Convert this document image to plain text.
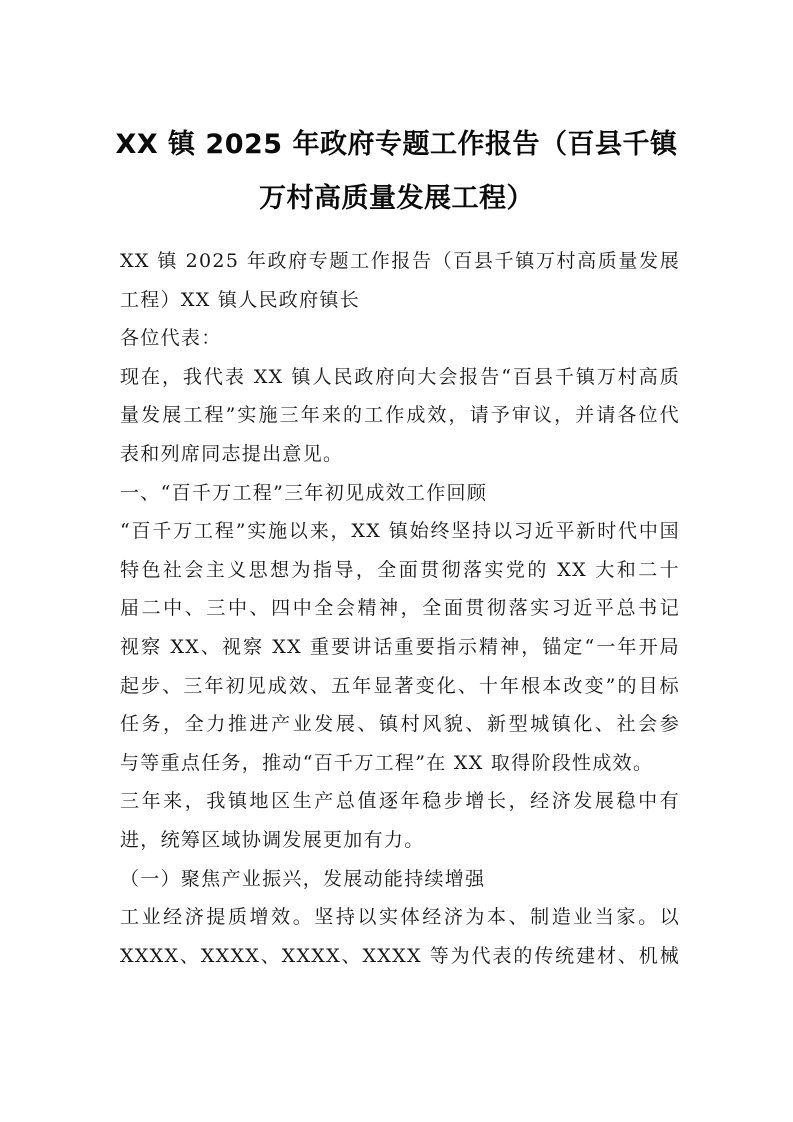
XX 镇 2025 年政府专题工作报告（百县千镇
万村高质量发展工程）

XX 镇 2025 年政府专题工作报告（百县千镇万村高质量发展
工程）XX 镇人民政府镇长

各位代表：

现在，我代表 XX 镇人民政府向大会报告“百县千镇万村高质
量发展工程”实施三年来的工作成效，请予审议，并请各位代
表和列席同志提出意见。

一、“百千万工程”三年初见成效工作回顾

“百千万工程”实施以来，XX 镇始终坚持以习近平新时代中国
特色社会主义思想为指导，全面贯彻落实党的 XX 大和二十
届二中、三中、四中全会精神，全面贯彻落实习近平总书记
视察 XX、视察 XX 重要讲话重要指示精神，锚定“一年开局
起步、三年初见成效、五年显著变化、十年根本改变”的目标
任务，全力推进产业发展、镇村风貌、新型城镇化、社会参
与等重点任务，推动“百千万工程”在 XX 取得阶段性成效。

三年来，我镇地区生产总值逐年稳步增长，经济发展稳中有
进，统筹区域协调发展更加有力。

（一）聚焦产业振兴，发展动能持续增强

工业经济提质增效。坚持以实体经济为本、制造业当家。以
XXXX、XXXX、XXXX、XXXX 等为代表的传统建材、机械
